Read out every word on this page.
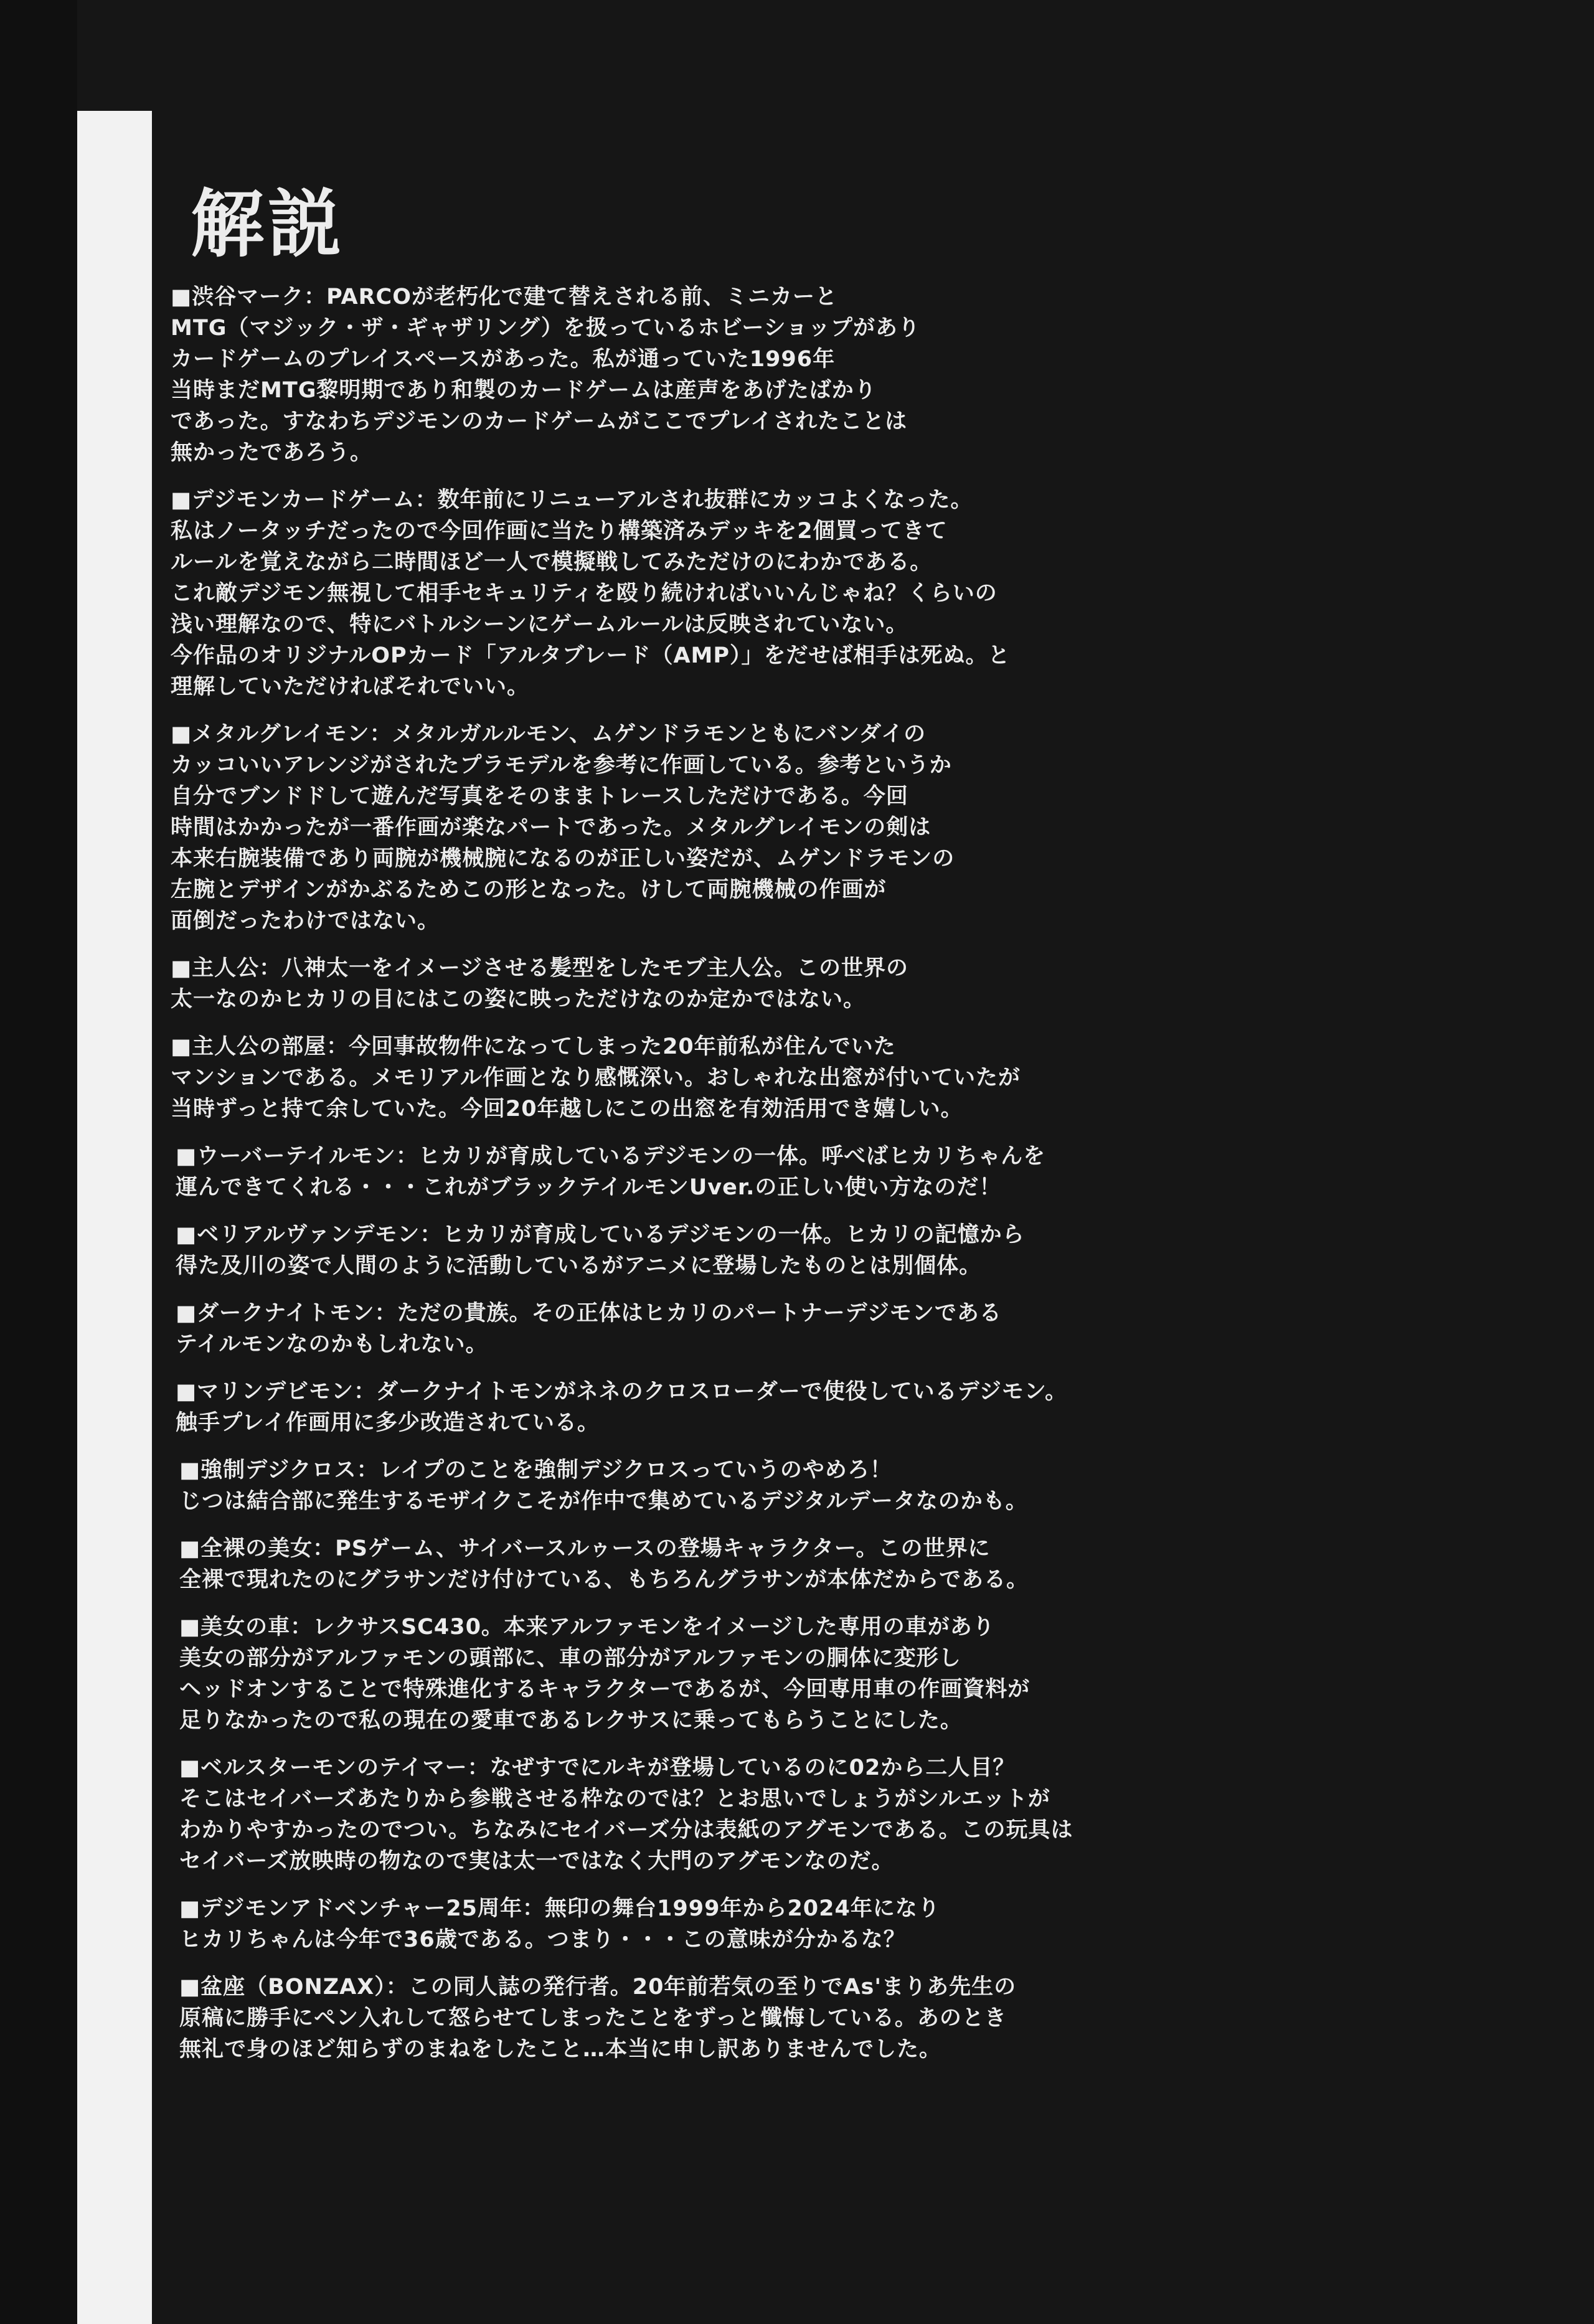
解説
■渋谷マーク：PARCOが老朽化で建て替えされる前、ミニカーと
MTG（マジック・ザ・ギャザリング）を扱っているホビーショップがあり
カードゲームのプレイスペースがあった。私が通っていた1996年
当時まだMTG黎明期であり和製のカードゲームは産声をあげたばかり
であった。すなわちデジモンのカードゲームがここでプレイされたことは
無かったであろう。
■デジモンカードゲーム：数年前にリニューアルされ抜群にカッコよくなった。
私はノータッチだったので今回作画に当たり構築済みデッキを2個買ってきて
ルールを覚えながら二時間ほど一人で模擬戦してみただけのにわかである。
これ敵デジモン無視して相手セキュリティを殴り続ければいいんじゃね？くらいの
浅い理解なので、特にバトルシーンにゲームルールは反映されていない。
今作品のオリジナルOPカード「アルタブレード（AMP）」をだせば相手は死ぬ。と
理解していただければそれでいい。
■メタルグレイモン：メタルガルルモン、ムゲンドラモンともにバンダイの
カッコいいアレンジがされたプラモデルを参考に作画している。参考というか
自分でブンドドして遊んだ写真をそのままトレースしただけである。今回
時間はかかったが一番作画が楽なパートであった。メタルグレイモンの剣は
本来右腕装備であり両腕が機械腕になるのが正しい姿だが、ムゲンドラモンの
左腕とデザインがかぶるためこの形となった。けして両腕機械の作画が
面倒だったわけではない。
■主人公：八神太一をイメージさせる髪型をしたモブ主人公。この世界の
太一なのかヒカリの目にはこの姿に映っただけなのか定かではない。
■主人公の部屋：今回事故物件になってしまった20年前私が住んでいた
マンションである。メモリアル作画となり感慨深い。おしゃれな出窓が付いていたが
当時ずっと持て余していた。今回20年越しにこの出窓を有効活用でき嬉しい。
■ウーバーテイルモン：ヒカリが育成しているデジモンの一体。呼べばヒカリちゃんを
運んできてくれる・・・これがブラックテイルモンUver.の正しい使い方なのだ！
■ベリアルヴァンデモン：ヒカリが育成しているデジモンの一体。ヒカリの記憶から
得た及川の姿で人間のように活動しているがアニメに登場したものとは別個体。
■ダークナイトモン：ただの貴族。その正体はヒカリのパートナーデジモンである
テイルモンなのかもしれない。
■マリンデビモン：ダークナイトモンがネネのクロスローダーで使役しているデジモン。
触手プレイ作画用に多少改造されている。
■強制デジクロス：レイプのことを強制デジクロスっていうのやめろ！
じつは結合部に発生するモザイクこそが作中で集めているデジタルデータなのかも。
■全裸の美女：PSゲーム、サイバースルゥースの登場キャラクター。この世界に
全裸で現れたのにグラサンだけ付けている、もちろんグラサンが本体だからである。
■美女の車：レクサスSC430。本来アルファモンをイメージした専用の車があり
美女の部分がアルファモンの頭部に、車の部分がアルファモンの胴体に変形し
ヘッドオンすることで特殊進化するキャラクターであるが、今回専用車の作画資料が
足りなかったので私の現在の愛車であるレクサスに乗ってもらうことにした。
■ベルスターモンのテイマー：なぜすでにルキが登場しているのに02から二人目？
そこはセイバーズあたりから参戦させる枠なのでは？とお思いでしょうがシルエットが
わかりやすかったのでつい。ちなみにセイバーズ分は表紙のアグモンである。この玩具は
セイバーズ放映時の物なので実は太一ではなく大門のアグモンなのだ。
■デジモンアドベンチャー25周年：無印の舞台1999年から2024年になり
ヒカリちゃんは今年で36歳である。つまり・・・この意味が分かるな？
■盆座（BONZAX）：この同人誌の発行者。20年前若気の至りでAs'まりあ先生の
原稿に勝手にペン入れして怒らせてしまったことをずっと懺悔している。あのとき
無礼で身のほど知らずのまねをしたこと…本当に申し訳ありませんでした。
